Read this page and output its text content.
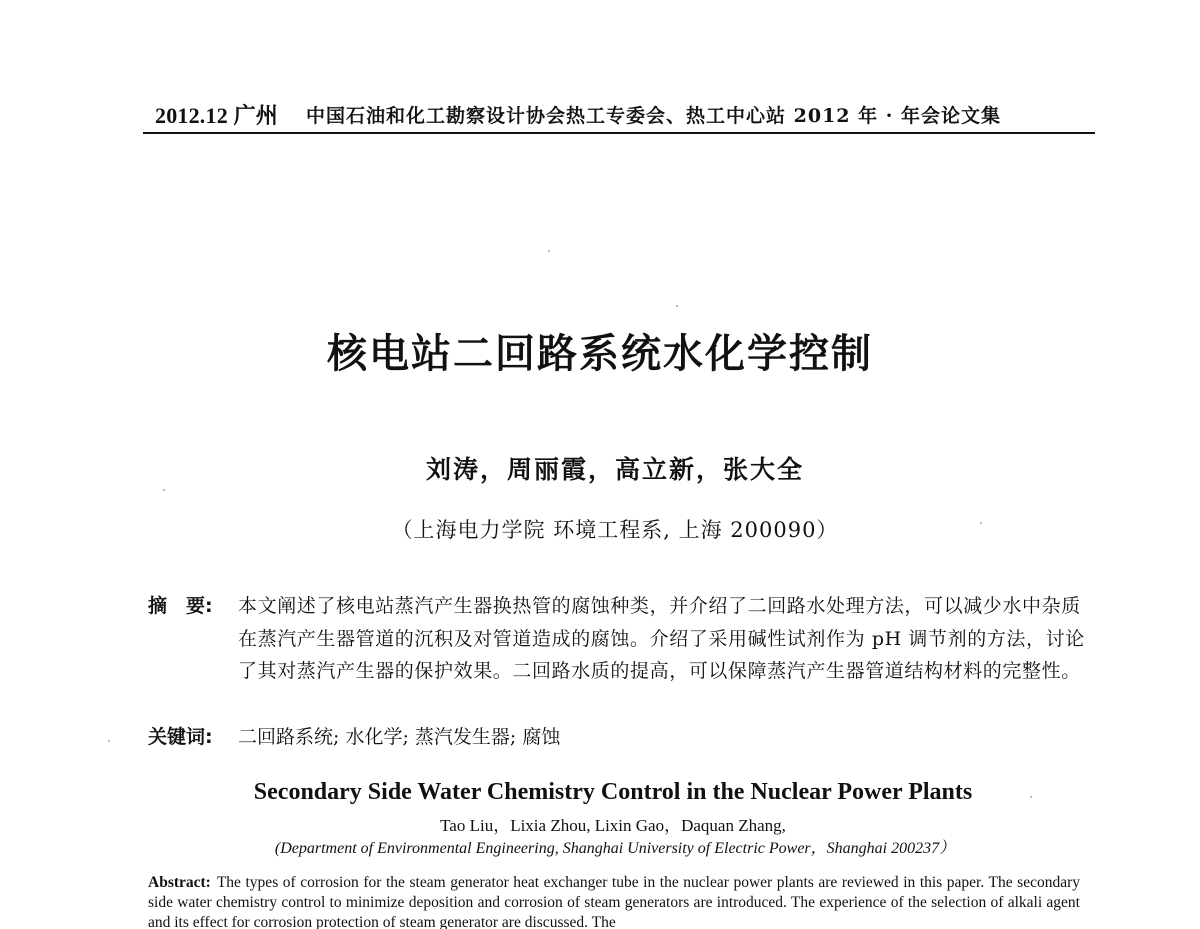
2012.12 广州 中国石油和化工勘察设计协会热工专委会、热工中心站 2012 年 · 年会论文集
核电站二回路系统水化学控制
刘涛，周丽霞，高立新，张大全
（上海电力学院 环境工程系, 上海 200090）
摘　要:	本文阐述了核电站蒸汽产生器换热管的腐蚀种类，并介绍了二回路水处理方法，可以减少水中杂质在蒸汽产生器管道的沉积及对管道造成的腐蚀。介绍了采用碱性试剂作为 pH 调节剂的方法，讨论了其对蒸汽产生器的保护效果。二回路水质的提高，可以保障蒸汽产生器管道结构材料的完整性。
关键词:	二回路系统; 水化学; 蒸汽发生器; 腐蚀
Secondary Side Water Chemistry Control in the Nuclear Power Plants
Tao Liu，Lixia Zhou, Lixin Gao，Daquan Zhang,
(Department of Environmental Engineering, Shanghai University of Electric Power，Shanghai 200237）
Abstract: The types of corrosion for the steam generator heat exchanger tube in the nuclear power plants are reviewed in this paper. The secondary side water chemistry control to minimize deposition and corrosion of steam generators are introduced. The experience of the selection of alkali agent and its effect for corrosion protection of steam generator are discussed. The
